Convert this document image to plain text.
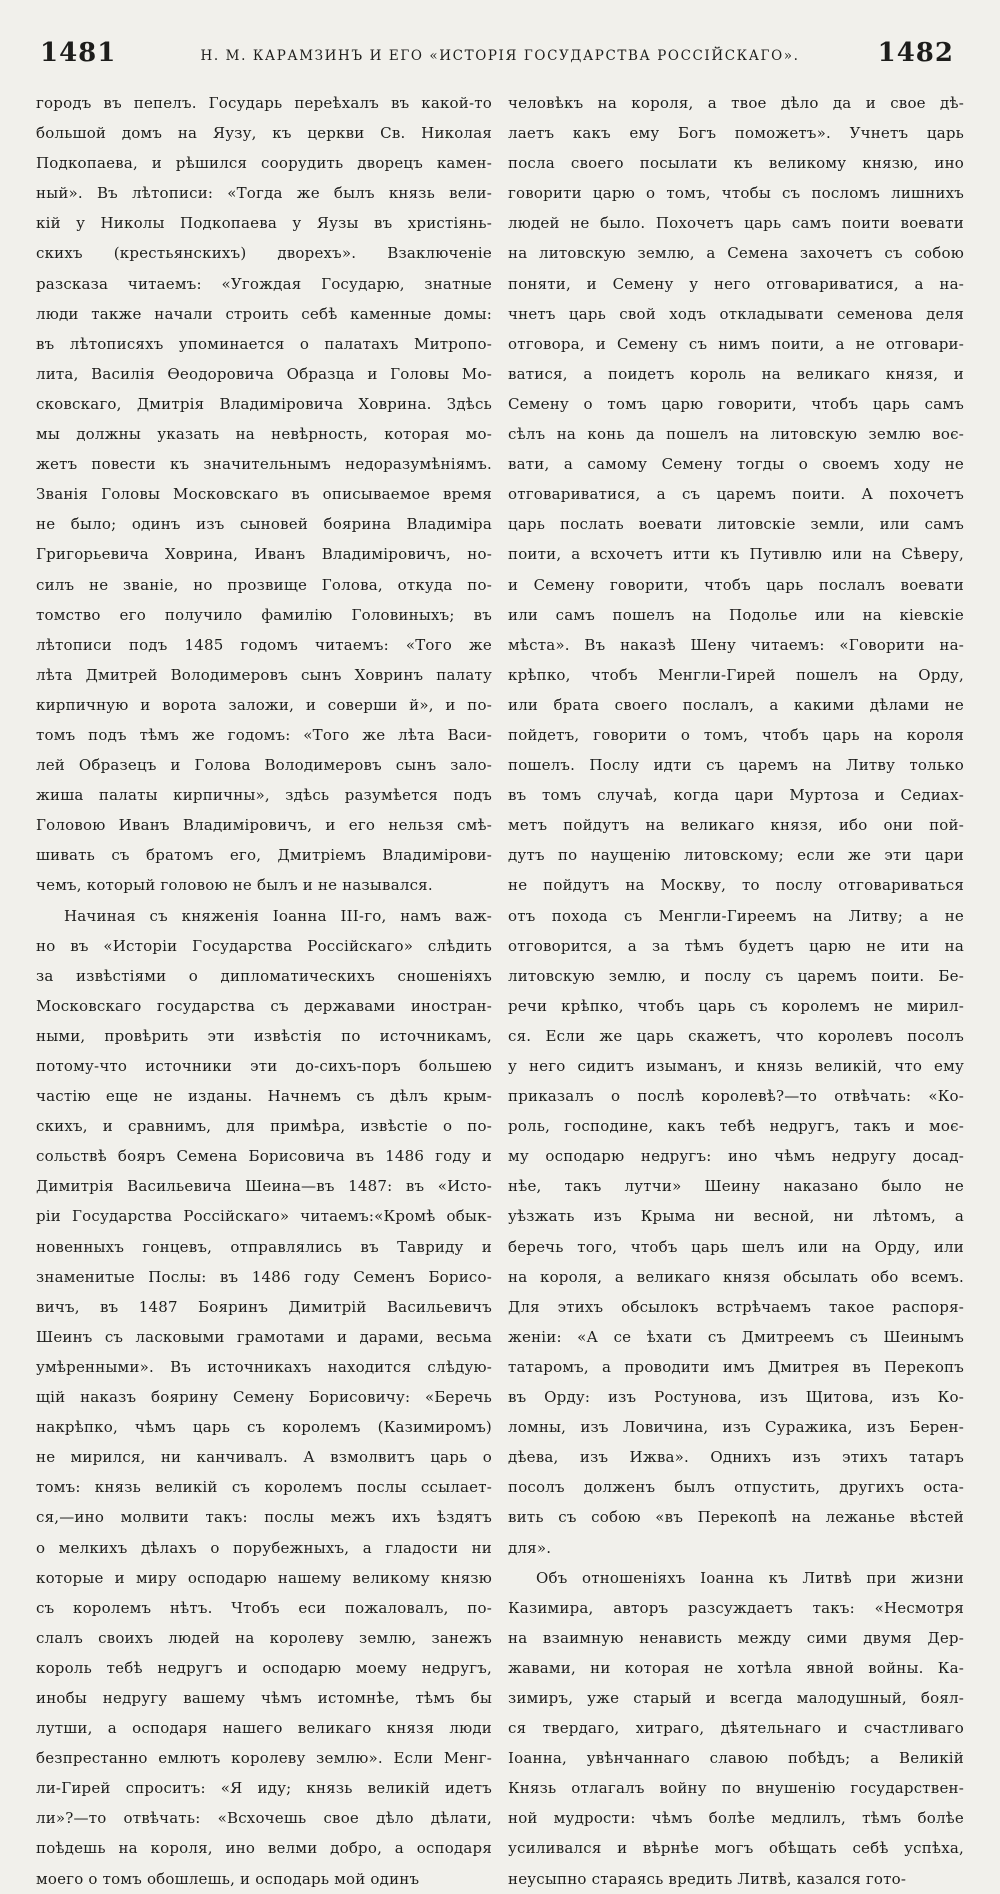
1481	Н. М. КАРАМЗИНЪ И ЕГО «ИСТОРІЯ ГОСУДАРСТВА РОССІЙСКАГО».	1482
городъ въ пепелъ. Государь переѣхалъ въ какой-то
большой домъ на Яузу, къ церкви Св. Николая
Подкопаева, и рѣшился соорудить дворецъ камен-
ный». Въ лѣтописи: «Тогда же былъ князь вели-
кій у Николы Подкопаева у Яузы въ христіянь-
скихъ (крестьянскихъ) дворехъ». Взаключеніе
разсказа читаемъ: «Угождая Государю, знатные
люди также начали строить себѣ каменные домы:
въ лѣтописяхъ упоминается о палатахъ Митропо-
лита, Василія Ѳеодоровича Образца и Головы Мо-
сковскаго, Дмитрія Владиміровича Ховрина. Здѣсь
мы должны указать на невѣрность, которая мо-
жетъ повести къ значительнымъ недоразумѣніямъ.
Званія Головы Московскаго въ описываемое время
не было; одинъ изъ сыновей боярина Владиміра
Григорьевича Ховрина, Иванъ Владиміровичъ, но-
силъ не званіе, но прозвище Голова, откуда по-
томство его получило фамилію Головиныхъ; въ
лѣтописи подъ 1485 годомъ читаемъ: «Того же
лѣта Дмитрей Володимеровъ сынъ Ховринъ палату
кирпичную и ворота заложи, и соверши й», и по-
томъ подъ тѣмъ же годомъ: «Того же лѣта Васи-
лей Образецъ и Голова Володимеровъ сынъ зало-
жиша палаты кирпичны», здѣсь разумѣется подъ
Головою Иванъ Владиміровичъ, и его нельзя смѣ-
шивать съ братомъ его, Дмитріемъ Владимірови-
чемъ, который головою не былъ и не назывался.
Начиная съ княженія Іоанна III-го, намъ важ-
но въ «Исторіи Государства Россійскаго» слѣдить
за извѣстіями о дипломатическихъ сношеніяхъ
Московскаго государства съ державами иностран-
ными, провѣрить эти извѣстія по источникамъ,
потому-что источники эти до-сихъ-поръ большею
частію еще не изданы. Начнемъ съ дѣлъ крым-
скихъ, и сравнимъ, для примѣра, извѣстіе о по-
сольствѣ бояръ Семена Борисовича въ 1486 году и
Димитрія Васильевича Шеина—въ 1487: въ «Исто-
ріи Государства Россійскаго» читаемъ:«Кромѣ обык-
новенныхъ гонцевъ, отправлялись въ Тавриду и
знаменитые Послы: въ 1486 году Семенъ Борисо-
вичъ, въ 1487 Бояринъ Димитрій Васильевичъ
Шеинъ съ ласковыми грамотами и дарами, весьма
умѣренными». Въ источникахъ находится слѣдую-
щій наказъ боярину Семену Борисовичу: «Беречь
накрѣпко, чѣмъ царь съ королемъ (Казимиромъ)
не мирился, ни канчивалъ. А взмолвитъ царь о
томъ: князь великій съ королемъ послы ссылает-
ся,—ино молвити такъ: послы межъ ихъ ѣздятъ
о мелкихъ дѣлахъ о порубежныхъ, а гладости ни
которые и миру осподарю нашему великому князю
съ королемъ нѣтъ. Чтобъ еси пожаловалъ, по-
слалъ своихъ людей на королеву землю, занежъ
король тебѣ недругъ и осподарю моему недругъ,
инобы недругу вашему чѣмъ истомнѣе, тѣмъ бы
лутши, а осподаря нашего великаго князя люди
безпрестанно емлютъ королеву землю». Если Менг-
ли-Гирей спроситъ: «Я иду; князь великій идетъ
ли»?—то отвѣчать: «Всхочешь свое дѣло дѣлати,
поѣдешь на короля, ино велми добро, а осподаря
моего о томъ обошлешь, и осподарь мой одинъ
человѣкъ на короля, а твое дѣло да и свое дѣ-
лаетъ какъ ему Богъ поможетъ». Учнетъ царь
посла своего посылати къ великому князю, ино
говорити царю о томъ, чтобы съ посломъ лишнихъ
людей не было. Похочетъ царь самъ поити воевати
на литовскую землю, а Семена захочетъ съ собою
поняти, и Семену у него отговариватися, а на-
чнетъ царь свой ходъ откладывати семенова деля
отговора, и Семену съ нимъ поити, а не отговари-
ватися, а поидетъ король на великаго князя, и
Семену о томъ царю говорити, чтобъ царь самъ
сѣлъ на конь да пошелъ на литовскую землю воє-
вати, а самому Семену тогды о своемъ ходу не
отговариватися, а съ царемъ поити. А похочетъ
царь послать воевати литовскіе земли, или самъ
поити, а всхочетъ итти къ Путивлю или на Сѣверу,
и Семену говорити, чтобъ царь послалъ воевати
или самъ пошелъ на Подолье или на кіевскіе
мѣста». Въ наказѣ Шену читаемъ: «Говорити на-
крѣпко, чтобъ Менгли-Гирей пошелъ на Орду,
или брата своего послалъ, а какими дѣлами не
пойдетъ, говорити о томъ, чтобъ царь на короля
пошелъ. Послу идти съ царемъ на Литву только
въ томъ случаѣ, когда цари Муртоза и Седиах-
метъ пойдутъ на великаго князя, ибо они пой-
дутъ по наущенію литовскому; если же эти цари
не пойдутъ на Москву, то послу отговариваться
отъ похода съ Менгли-Гиреемъ на Литву; а не
отговорится, а за тѣмъ будетъ царю не ити на
литовскую землю, и послу съ царемъ поити. Бе-
речи крѣпко, чтобъ царь съ королемъ не мирил-
ся. Если же царь скажетъ, что королевъ посолъ
у него сидитъ изыманъ, и князь великій, что ему
приказалъ о послѣ королевѣ?—то отвѣчать: «Ко-
роль, господине, какъ тебѣ недругъ, такъ и моє-
му осподарю недругъ: ино чѣмъ недругу досад-
нѣе, такъ лутчи» Шеину наказано было не
уѣзжать изъ Крыма ни весной, ни лѣтомъ, а
беречь того, чтобъ царь шелъ или на Орду, или
на короля, а великаго князя обсылать обо всемъ.
Для этихъ обсылокъ встрѣчаемъ такое распоря-
женіи: «А се ѣхати съ Дмитреемъ съ Шеинымъ
татаромъ, а проводити имъ Дмитрея въ Перекопъ
въ Орду: изъ Ростунова, изъ Щитова, изъ Ко-
ломны, изъ Ловичина, изъ Суражика, изъ Берен-
дѣева, изъ Ижва». Однихъ изъ этихъ татаръ
посолъ долженъ былъ отпустить, другихъ оста-
вить съ собою «въ Перекопѣ на лежанье вѣстей
для».
Объ отношеніяхъ Іоанна къ Литвѣ при жизни
Казимира, авторъ разсуждаетъ такъ: «Несмотря
на взаимную ненависть между сими двумя Дер-
жавами, ни которая не хотѣла явной войны. Ка-
зимиръ, уже старый и всегда малодушный, боял-
ся твердаго, хитраго, дѣятельнаго и счастливаго
Іоанна, увѣнчаннаго славою побѣдъ; а Великій
Князь отлагалъ войну по внушенію государствен-
ной мудрости: чѣмъ болѣе медлилъ, тѣмъ болѣе
усиливался и вѣрнѣе могъ обѣщать себѣ успѣха,
неусыпно стараясь вредить Литвѣ, казался гото-
